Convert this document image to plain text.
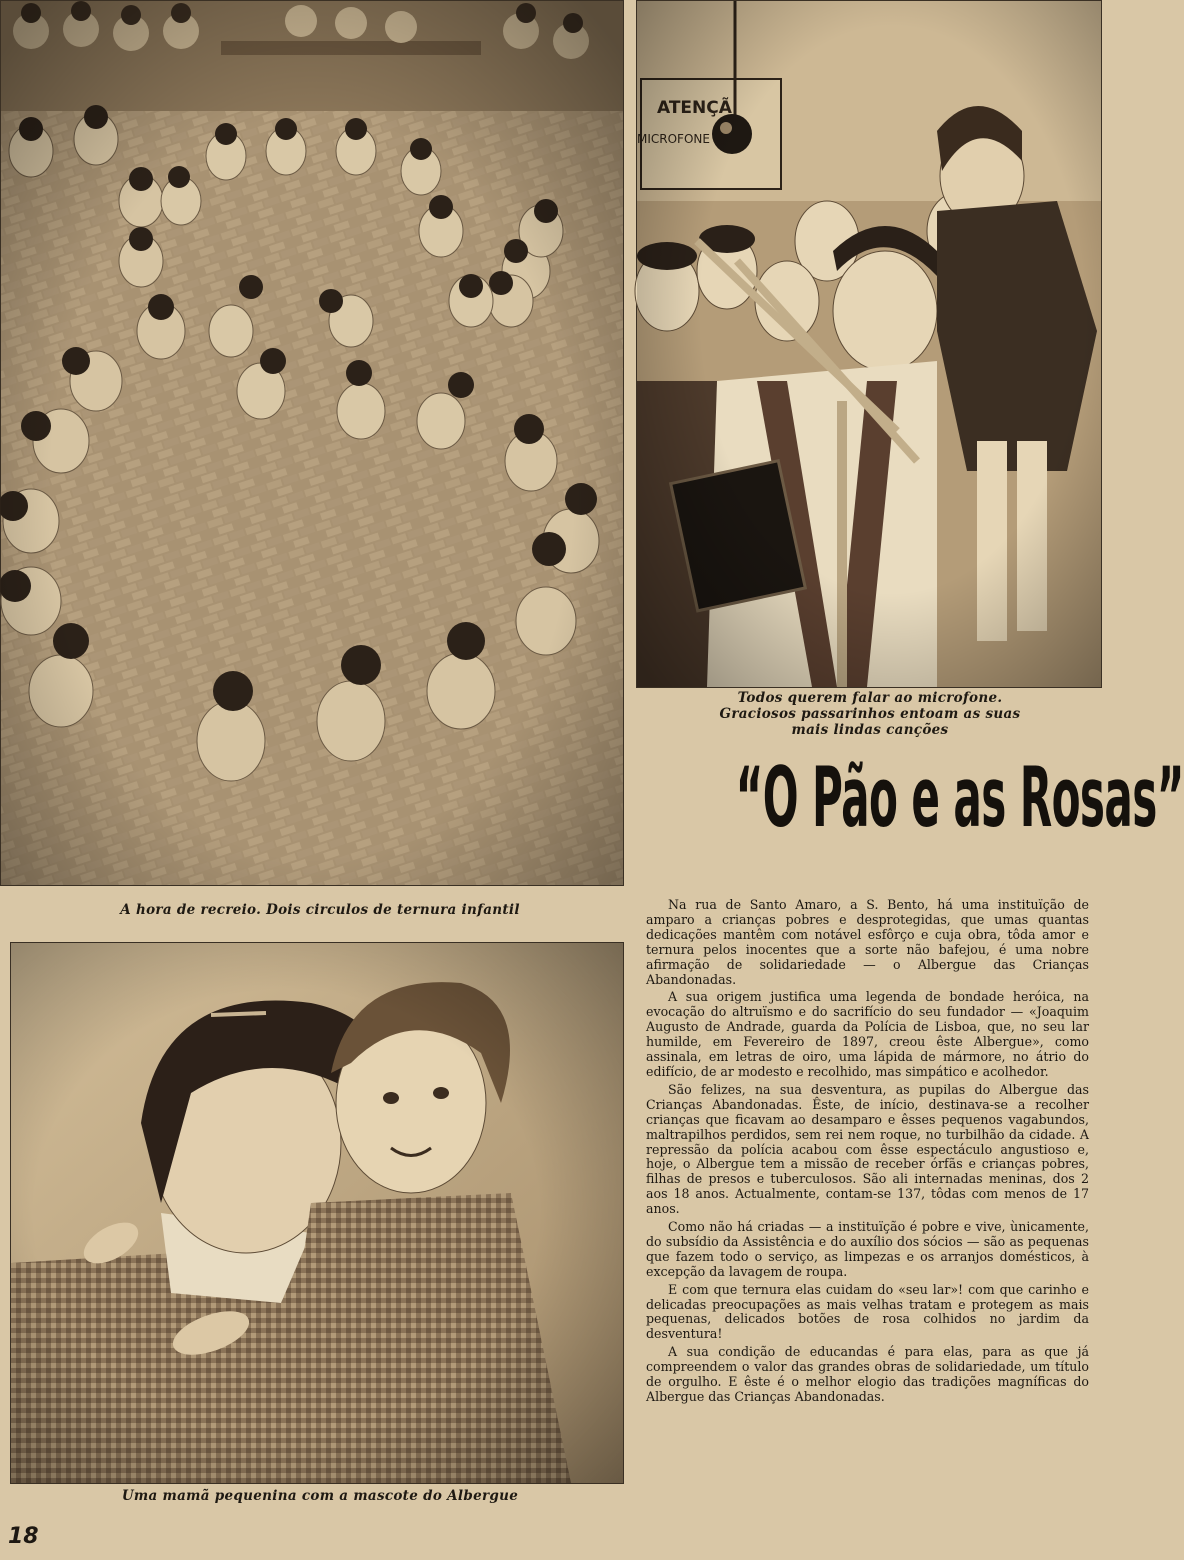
A hora de recreio. Dois circulos de ternura infantil
Todos querem falar ao microfone. Graciosos passarinhos entoam as suas mais lindas canções
“O Pão e as Rosas”
Uma mamã pequenina com a mascote do Albergue

Na rua de Santo Amaro, a S. Bento, há uma instituïção de amparo a crianças pobres e desprotegidas, que umas quantas dedicações mantêm com notável esfôrço e cuja obra, tôda amor e ternura pelos inocentes que a sorte não bafejou, é uma nobre afirmação de solidariedade — o Albergue das Crianças Abandonadas.

A sua origem justifica uma legenda de bondade heróica, na evocação do altruïsmo e do sacrifício do seu fundador — «Joaquim Augusto de Andrade, guarda da Polícia de Lisboa, que, no seu lar humilde, em Fevereiro de 1897, creou êste Albergue», como assinala, em letras de oiro, uma lápida de mármore, no átrio do edifício, de ar modesto e recolhido, mas simpático e acolhedor.

São felizes, na sua desventura, as pupilas do Albergue das Crianças Abandonadas. Êste, de início, destinava-se a recolher crianças que ficavam ao desamparo e êsses pequenos vagabundos, maltrapilhos perdidos, sem rei nem roque, no turbilhão da cidade. A repressão da polícia acabou com êsse espectáculo angustioso e, hoje, o Albergue tem a missão de receber órfãs e crianças pobres, filhas de presos e tuberculosos. São ali internadas meninas, dos 2 aos 18 anos. Actualmente, contam-se 137, tôdas com menos de 17 anos.

Como não há criadas — a instituïção é pobre e vive, ùnicamente, do subsídio da Assistência e do auxílio dos sócios — são as pequenas que fazem todo o serviço, as limpezas e os arranjos domésticos, à excepção da lavagem de roupa.

E com que ternura elas cuidam do «seu lar»! com que carinho e delicadas preocupações as mais velhas tratam e protegem as mais pequenas, delicados botões de rosa colhidos no jardim da desventura!

A sua condição de educandas é para elas, para as que já compreendem o valor das grandes obras de solidariedade, um título de orgulho. E êste é o melhor elogio das tradições magníficas do Albergue das Crianças Abandonadas.

18
